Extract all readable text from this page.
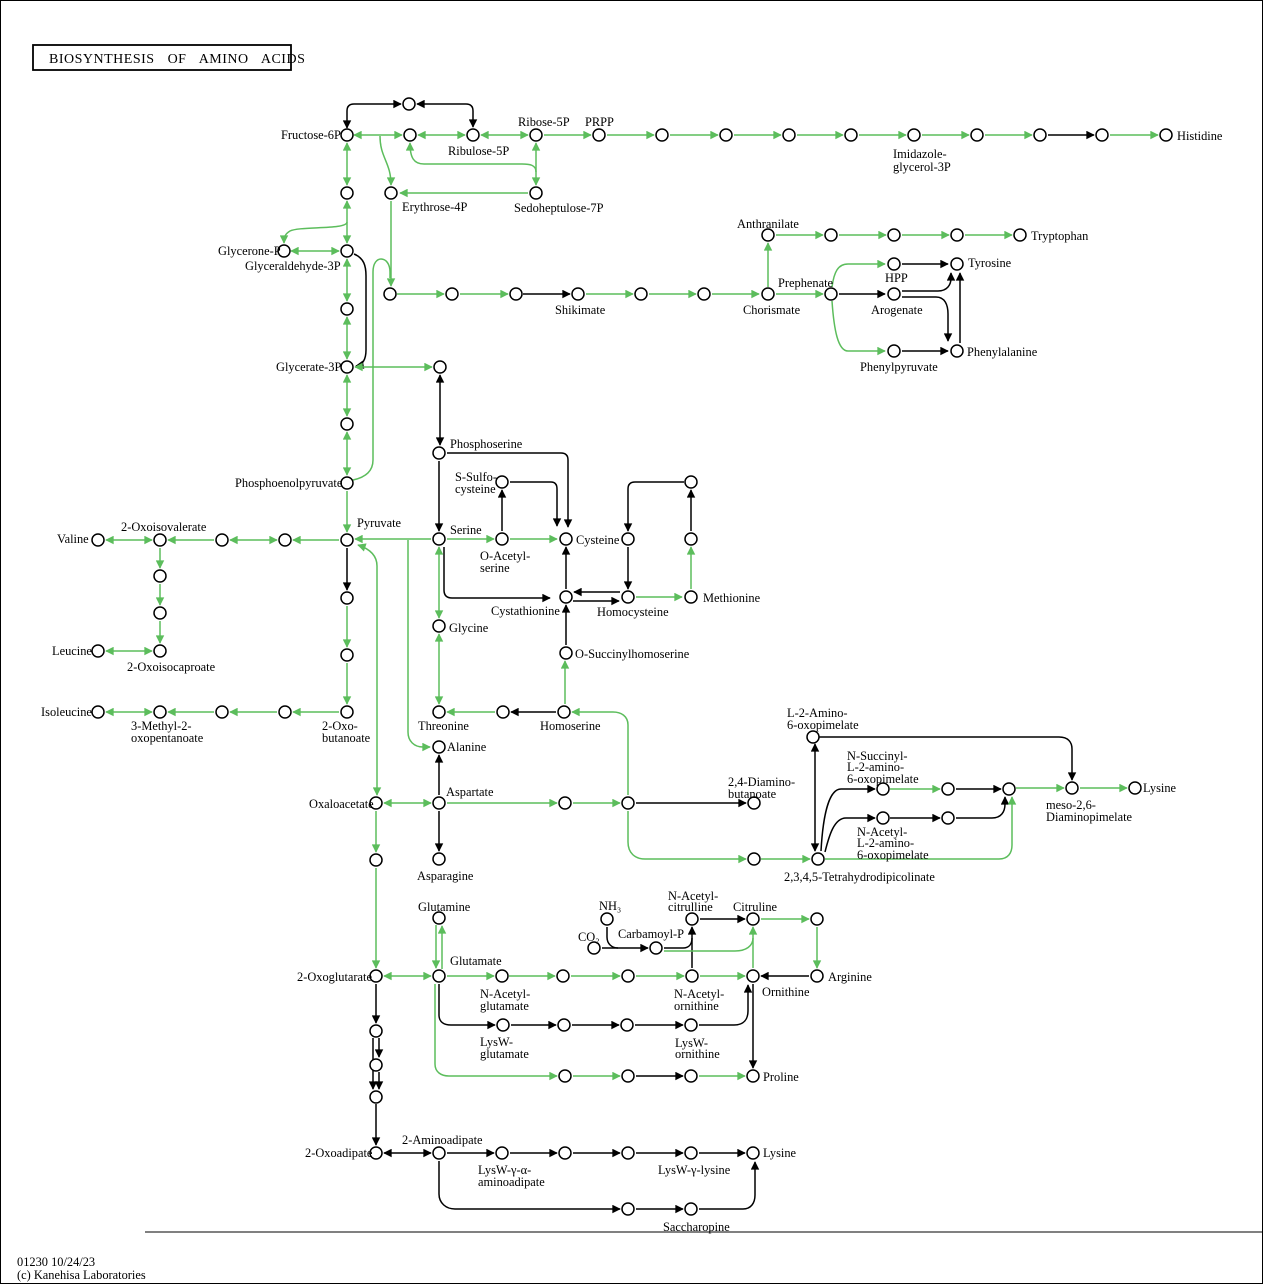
Fructose-6P
Ribose-5P PRPP
Ribulose-5P
Erythrose-4P	Sedoheptulose-7P
Imidazole-
glycerol-3P
Histidine
Glycerone-P
Glyceraldehyde-3P
Glycerate-3P
Phosphoenolpyruvate
Pyruvate
Phosphoserine
S-Sulfo-
cysteine
Serine
O-Acetyl-
serine
Cysteine
Cystathionine	Homocysteine
Methionine
O-Succinylhomoserine
Glycine
Anthranilate
Tryptophan
Chorismate
Prephenate	HPP
Arogenate
Tyrosine
Phenylalanine
Phenylpyruvate
Shikimate
Valine
2-Oxoisovalerate
Leucine
2-Oxoisocaproate
Isoleucine
3-Methyl-2-
oxopentanoate
2-Oxo-
butanoate
Threonine	Homoserine
Alanine
Oxaloacetate
Aspartate
Asparagine
2,4-Diamino-
butanoate
L-2-Amino-
6-oxopimelate
N-Succinyl-
L-2-amino-
6-oxopimelate
N-Acetyl-
L-2-amino-
6-oxopimelate
2,3,4,5-Tetrahydrodipicolinate
meso-2,6-
Diaminopimelate
Lysine
Glutamine	NH₃
CO₂ Carbamoyl-P
N-Acetyl-
citrulline Citruline
Arginine
Ornithine
Glutamate
2-Oxoglutarate
N-Acetyl-
glutamate
N-Acetyl-
ornithine
LysW-
glutamate
LysW-
ornithine
Proline
2-Oxoadipate
2-Aminoadipate
LysW-γ-α-
aminoadipate
LysW-γ-lysine
Lysine
Saccharopine
BIOSYNTHESIS OF AMINO ACIDS
01230 10/24/23
(c) Kanehisa Laboratories
